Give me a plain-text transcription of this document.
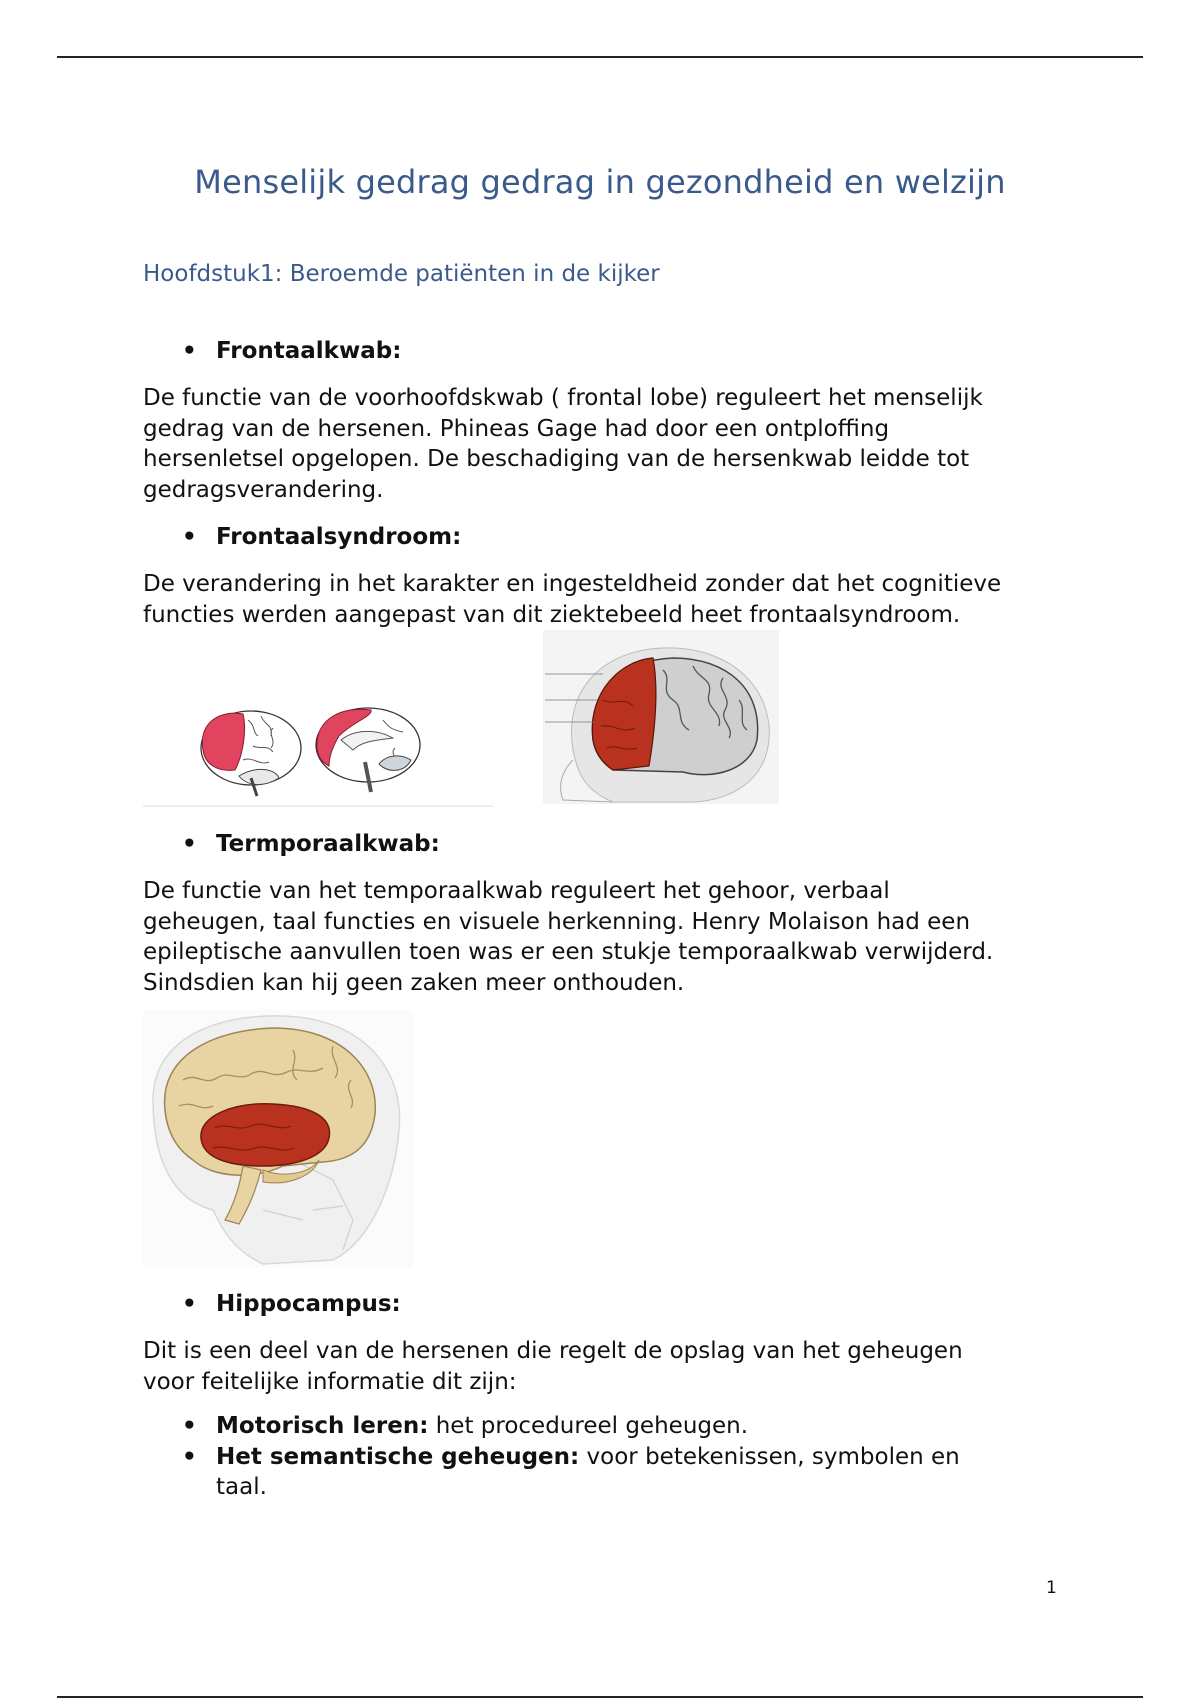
Menselijk gedrag gedrag in gezondheid en welzijn
Hoofdstuk1: Beroemde patiënten in de kijker
• Frontaalkwab:
De functie van de voorhoofdskwab ( frontal lobe) reguleert het menselijk
gedrag van de hersenen. Phineas Gage had door een ontploffing
hersenletsel opgelopen. De beschadiging van de hersenkwab leidde tot
gedragsverandering.
• Frontaalsyndroom:
De verandering in het karakter en ingesteldheid zonder dat het cognitieve
functies werden aangepast van dit ziektebeeld heet frontaalsyndroom.
• Termporaalkwab:
De functie van het temporaalkwab reguleert het gehoor, verbaal
geheugen, taal functies en visuele herkenning. Henry Molaison had een
epileptische aanvullen toen was er een stukje temporaalkwab verwijderd.
Sindsdien kan hij geen zaken meer onthouden.
• Hippocampus:
Dit is een deel van de hersenen die regelt de opslag van het geheugen
voor feitelijke informatie dit zijn:
• Motorisch leren: het procedureel geheugen.
• Het semantische geheugen: voor betekenissen, symbolen en
taal.
1
